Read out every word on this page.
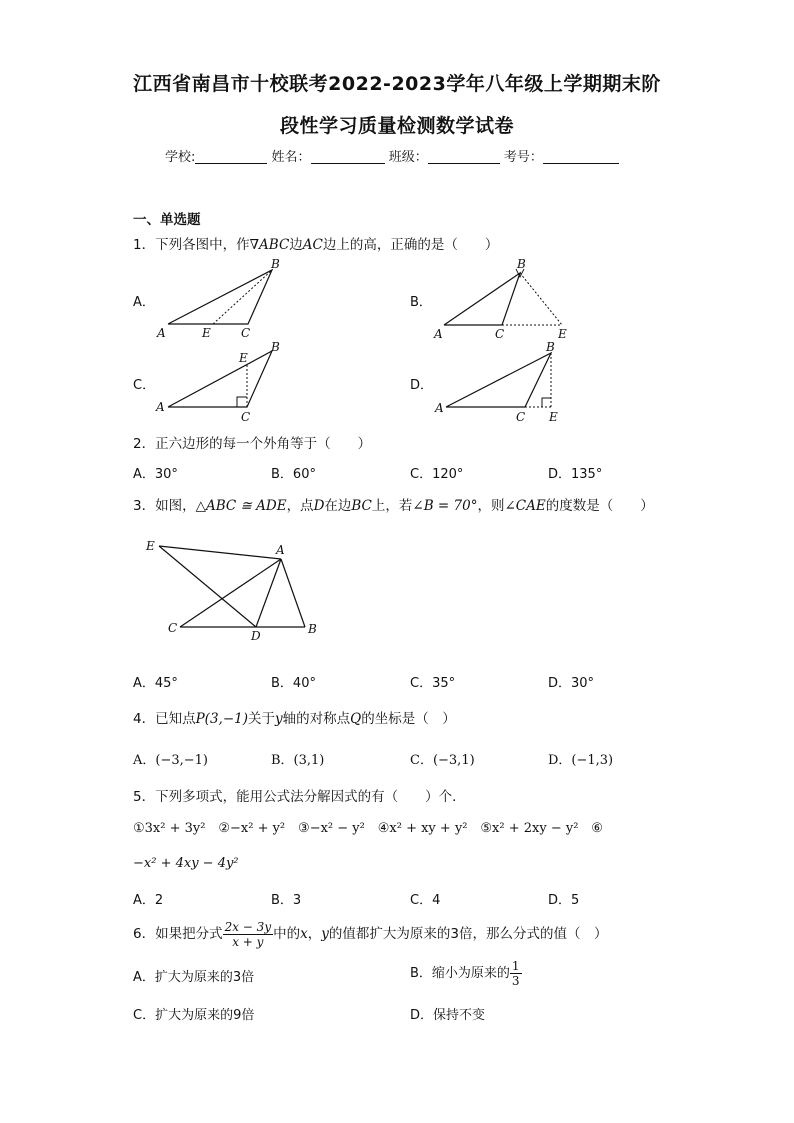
江西省南昌市十校联考2022-2023学年八年级上学期期末阶
段性学习质量检测数学试卷
学校:	姓名：	班级：	考号：
一、单选题
1．下列各图中，作∇ABC边AC边上的高，正确的是（　　）
A．	B．
C．	D．
A	E	C
B
A	C	E
B
A
C
E
B
A
C E
B
2．正六边形的每一个外角等于（　　）
A．30°	B．60°	C．120°	D．135°
3．如图，△ABC ≅ ADE，点D在边BC上，若∠B = 70°，则∠CAE的度数是（　　）
E	A
C
D	B
A．45°	B．40°	C．35°	D．30°
4．已知点P(3,−1)关于y轴的对称点Q的坐标是（　）
A．(−3,−1)	B．(3,1)	C．(−3,1)	D．(−1,3)
5．下列多项式，能用公式法分解因式的有（　　）个．
①3x² + 3y² ②−x² + y² ③−x² − y² ④x² + xy + y² ⑤x² + 2xy − y² ⑥
−x² + 4xy − 4y²
A．2	B．3	C．4	D．5
6．如果把分式 $\frac{2x - 3y}{x + y}$ 中的x，y的值都扩大为原来的3倍，那么分式的值（　）
A．扩大为原来的3倍	B．缩小为原来的 $\frac{1}{3}$
C．扩大为原来的9倍	D．保持不变
